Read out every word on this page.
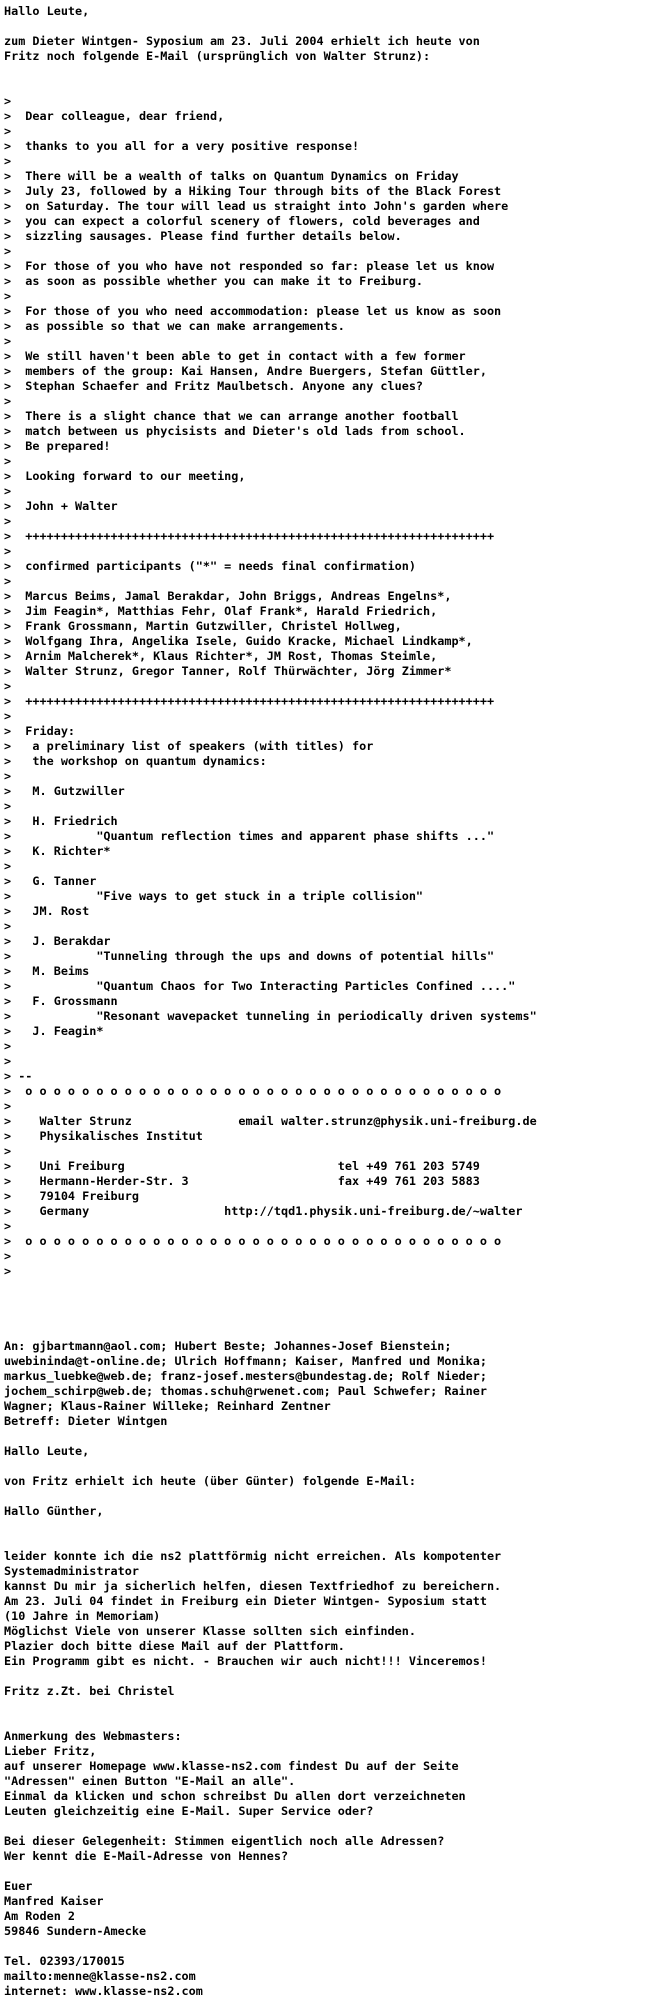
Hallo Leute,

zum Dieter Wintgen- Syposium am 23. Juli 2004 erhielt ich heute von
Fritz noch folgende E-Mail (ursprünglich von Walter Strunz):

>
>  Dear colleague, dear friend,
>
>  thanks to you all for a very positive response!
>
>  There will be a wealth of talks on Quantum Dynamics on Friday
>  July 23, followed by a Hiking Tour through bits of the Black Forest
>  on Saturday. The tour will lead us straight into John's garden where
>  you can expect a colorful scenery of flowers, cold beverages and
>  sizzling sausages. Please find further details below.
>
>  For those of you who have not responded so far: please let us know
>  as soon as possible whether you can make it to Freiburg.
>
>  For those of you who need accommodation: please let us know as soon
>  as possible so that we can make arrangements.
>
>  We still haven't been able to get in contact with a few former
>  members of the group: Kai Hansen, Andre Buergers, Stefan Güttler,
>  Stephan Schaefer and Fritz Maulbetsch. Anyone any clues?
>
>  There is a slight chance that we can arrange another football
>  match between us phycisists and Dieter's old lads from school.
>  Be prepared!
>
>  Looking forward to our meeting,
>
>  John + Walter
>
>  ++++++++++++++++++++++++++++++++++++++++++++++++++++++++++++++++++
>
>  confirmed participants ("*" = needs final confirmation)
>
>  Marcus Beims, Jamal Berakdar, John Briggs, Andreas Engelns*,
>  Jim Feagin*, Matthias Fehr, Olaf Frank*, Harald Friedrich,
>  Frank Grossmann, Martin Gutzwiller, Christel Hollweg,
>  Wolfgang Ihra, Angelika Isele, Guido Kracke, Michael Lindkamp*,
>  Arnim Malcherek*, Klaus Richter*, JM Rost, Thomas Steimle,
>  Walter Strunz, Gregor Tanner, Rolf Thürwächter, Jörg Zimmer*
>
>  ++++++++++++++++++++++++++++++++++++++++++++++++++++++++++++++++++
>
>  Friday:
>   a preliminary list of speakers (with titles) for
>   the workshop on quantum dynamics:
>
>   M. Gutzwiller
>
>   H. Friedrich
>            "Quantum reflection times and apparent phase shifts ..."
>   K. Richter*
>
>   G. Tanner
>            "Five ways to get stuck in a triple collision"
>   JM. Rost
>
>   J. Berakdar
>            "Tunneling through the ups and downs of potential hills"
>   M. Beims
>            "Quantum Chaos for Two Interacting Particles Confined ...."
>   F. Grossmann
>            "Resonant wavepacket tunneling in periodically driven systems"
>   J. Feagin*
>
>
> --
>  o o o o o o o o o o o o o o o o o o o o o o o o o o o o o o o o o o
>
>    Walter Strunz               email walter.strunz@physik.uni-freiburg.de
>    Physikalisches Institut
>
>    Uni Freiburg                              tel +49 761 203 5749
>    Hermann-Herder-Str. 3                     fax +49 761 203 5883
>    79104 Freiburg
>    Germany                   http://tqd1.physik.uni-freiburg.de/~walter
>
>  o o o o o o o o o o o o o o o o o o o o o o o o o o o o o o o o o o
>
>

An: gjbartmann@aol.com; Hubert Beste; Johannes-Josef Bienstein;
uwebininda@t-online.de; Ulrich Hoffmann; Kaiser, Manfred und Monika;
markus_luebke@web.de; franz-josef.mesters@bundestag.de; Rolf Nieder;
jochem_schirp@web.de; thomas.schuh@rwenet.com; Paul Schwefer; Rainer
Wagner; Klaus-Rainer Willeke; Reinhard Zentner
Betreff: Dieter Wintgen

Hallo Leute,

von Fritz erhielt ich heute (über Günter) folgende E-Mail:

Hallo Günther,

leider konnte ich die ns2 plattförmig nicht erreichen. Als kompotenter
Systemadministrator
kannst Du mir ja sicherlich helfen, diesen Textfriedhof zu bereichern.
Am 23. Juli 04 findet in Freiburg ein Dieter Wintgen- Syposium statt
(10 Jahre in Memoriam)
Möglichst Viele von unserer Klasse sollten sich einfinden.
Plazier doch bitte diese Mail auf der Plattform.
Ein Programm gibt es nicht. - Brauchen wir auch nicht!!! Vinceremos!

Fritz z.Zt. bei Christel

Anmerkung des Webmasters:
Lieber Fritz,
auf unserer Homepage www.klasse-ns2.com findest Du auf der Seite
"Adressen" einen Button "E-Mail an alle".
Einmal da klicken und schon schreibst Du allen dort verzeichneten
Leuten gleichzeitig eine E-Mail. Super Service oder?

Bei dieser Gelegenheit: Stimmen eigentlich noch alle Adressen?
Wer kennt die E-Mail-Adresse von Hennes?

Euer
Manfred Kaiser
Am Roden 2
59846 Sundern-Amecke

Tel. 02393/170015
mailto:menne@klasse-ns2.com
internet: www.klasse-ns2.com
